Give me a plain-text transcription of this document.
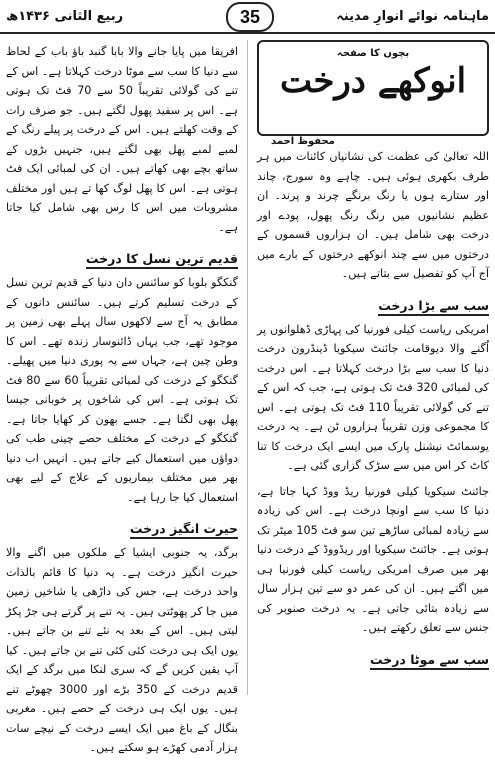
ربیع الثانی ۱۴۳۶ھ	ماہنامہ نوائے انوارِ مدینہ
35
بچوں کا صفحہ
انوکھے درخت
محفوظ احمد

اللہ تعالیٰ کی عظمت کی نشانیاں کائنات میں ہر طرف بکھری ہوئی ہیں۔ چاہے وہ سورج، چاند اور ستارے ہوں یا رنگ برنگے چرند و پرند۔ ان عظیم نشانیوں میں رنگ رنگ پھول، پودے اور درخت بھی شامل ہیں۔ ان ہزاروں قسموں کے درختوں میں سے چند انوکھے درختوں کے بارے میں آج آپ کو تفصیل سے بتاتے ہیں۔

سب سے بڑا درخت

امریکی ریاست کیلی فورنیا کی پہاڑی ڈھلوانوں پر اُگنے والا دیوقامت جائنٹ سیکویا ڈینڈرون درخت دنیا کا سب سے بڑا درخت کہلاتا ہے۔ اس درخت کی لمبائی 320 فٹ تک ہوتی ہے، جب کہ اس کے تنے کی گولائی تقریباً 110 فٹ تک ہوتی ہے۔ اس کا مجموعی وزن تقریباً ہزاروں ٹن ہے۔ یہ درخت یوسمائٹ نیشنل پارک میں ایسے ایک درخت کا تنا کاٹ کر اس میں سے سڑک گزاری گئی ہے۔

جائنٹ سیکویا کیلی فورنیا ریڈ ووڈ کہا جاتا ہے، دنیا کا سب سے اونچا درخت ہے۔ اس کی زیادہ سے زیادہ لمبائی ساڑھے تین سو فٹ 105 میٹر تک ہوتی ہے۔ جائنٹ سیکویا اور ریڈووڈ کے درخت دنیا بھر میں صرف امریکی ریاست کیلی فورنیا ہی میں اگتے ہیں۔ ان کی عمر دو سے تین ہزار سال سے زیادہ بتائی جاتی ہے۔ یہ درخت صنوبر کی جنس سے تعلق رکھتے ہیں۔

سب سے موٹا درخت

افریقا میں پایا جانے والا بابا گنبد باؤ باب کے لحاظ سے دنیا کا سب سے موٹا درخت کہلاتا ہے۔ اس کے تنے کی گولائی تقریباً 50 سے 70 فٹ تک ہوتی ہے۔ اس پر سفید پھول لگتے ہیں۔ جو صرف رات کے وقت کھلتے ہیں۔ اس کے درخت پر پیلے رنگ کے لمبے لمبے پھل بھی لگتے ہیں، جنہیں بڑوں کے ساتھ بچے بھی کھاتے ہیں۔ ان کی لمبائی ایک فٹ ہوتی ہے۔ اس کا پھل لوگ کھا تے ہیں اور مختلف مشروبات میں اس کا رس بھی شامل کیا جاتا ہے۔

قدیم ترین نسل کا درخت

گنکگو بلوبا کو سائنس دان دنیا کے قدیم ترین نسل کے درخت تسلیم کرتے ہیں۔ سائنس دانوں کے مطابق یہ آج سے لاکھوں سال پہلے بھی زمین پر موجود تھے، جب یہاں ڈائنوسار زندہ تھے۔ اس کا وطن چین ہے، جہاں سے یہ پوری دنیا میں پھیلے۔ گنکگو کے درخت کی لمبائی تقریباً 60 سے 80 فٹ تک ہوتی ہے۔ اس کی شاخوں پر خوبانی جیسا پھل بھی لگتا ہے۔ جسے بھون کر کھایا جاتا ہے۔ گنکگو کے درخت کے مختلف حصے چینی طب کی دواؤں میں استعمال کیے جاتے ہیں۔ انہیں اب دنیا بھر میں مختلف بیماریوں کے علاج کے لیے بھی استعمال کیا جا رہا ہے۔

حیرت انگیز درخت

برگد، یہ جنوبی ایشیا کے ملکوں میں اگنے والا حیرت انگیز درخت ہے۔ یہ دنیا کا قائم بالذات واحد درخت ہے، جس کی داڑھی یا شاخیں زمین میں جا کر پھوٹتی ہیں۔ یہ تنے پر گرتے ہی جڑ پکڑ لیتی ہیں۔ اس کے بعد یہ نئے تنے بن جاتے ہیں۔ یوں ایک ہی درخت کئی کئی تنے بن جاتے ہیں۔ کیا آپ یقین کریں گے کہ سری لنکا میں برگد کے ایک قدیم درخت کے 350 بڑے اور 3000 چھوٹے تنے ہیں۔ یوں ایک ہی درخت کے حصے ہیں۔ مغربی بنگال کے باغ میں ایک ایسے درخت کے نیچے سات ہزار آدمی کھڑے ہو سکتے ہیں۔
